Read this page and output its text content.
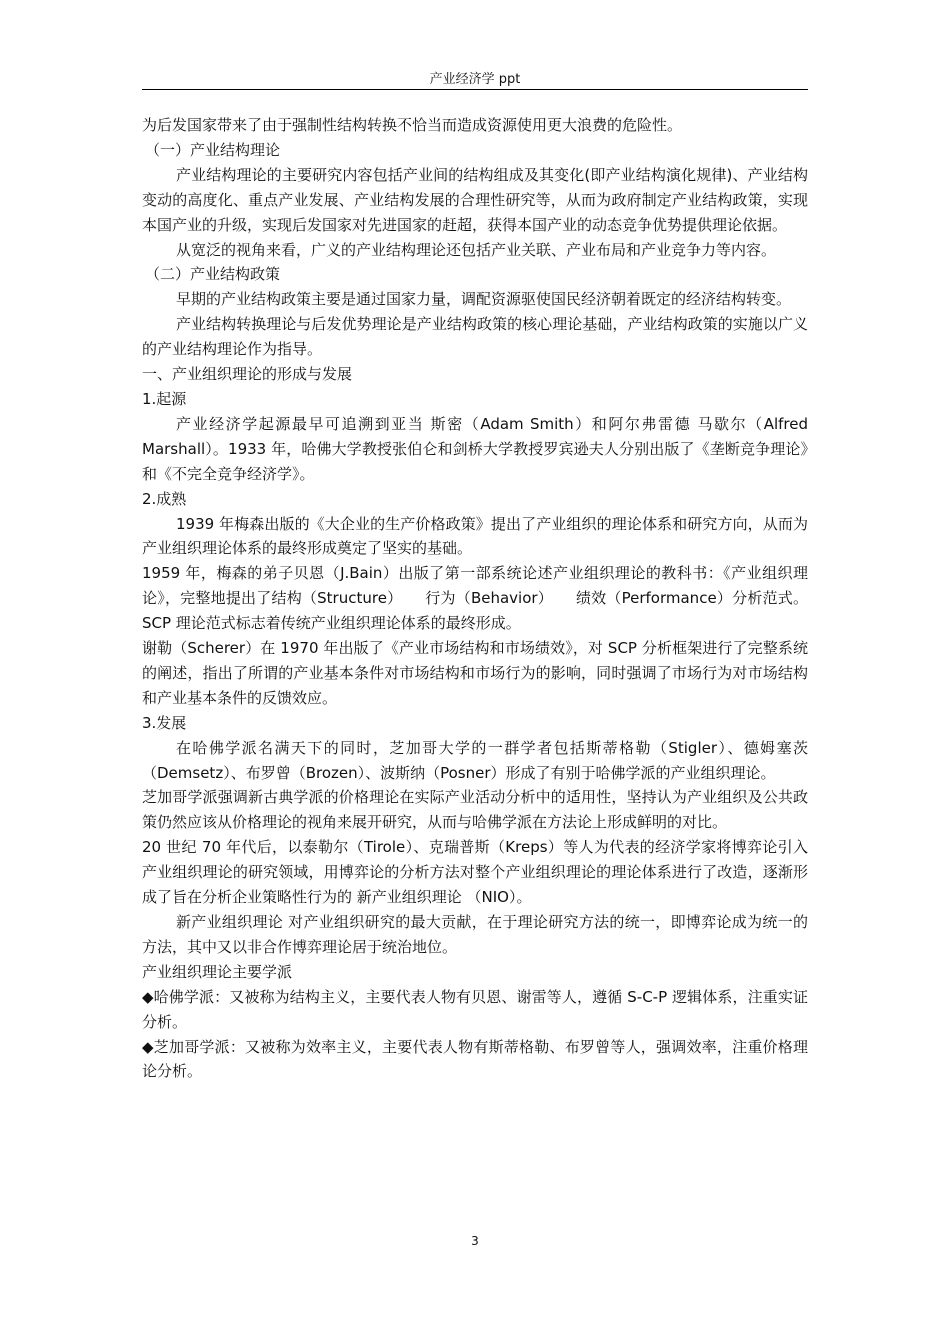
产业经济学 ppt

为后发国家带来了由于强制性结构转换不恰当而造成资源使用更大浪费的危险性。

（一）产业结构理论

产业结构理论的主要研究内容包括产业间的结构组成及其变化(即产业结构演化规律)、产业结构变动的高度化、重点产业发展、产业结构发展的合理性研究等，从而为政府制定产业结构政策，实现本国产业的升级，实现后发国家对先进国家的赶超，获得本国产业的动态竞争优势提供理论依据。

从宽泛的视角来看，广义的产业结构理论还包括产业关联、产业布局和产业竞争力等内容。

（二）产业结构政策

早期的产业结构政策主要是通过国家力量，调配资源驱使国民经济朝着既定的经济结构转变。

产业结构转换理论与后发优势理论是产业结构政策的核心理论基础，产业结构政策的实施以广义的产业结构理论作为指导。

一、产业组织理论的形成与发展

1.起源

产业经济学起源最早可追溯到亚当 斯密（Adam Smith）和阿尔弗雷德 马歇尔（Alfred Marshall）。1933 年，哈佛大学教授张伯仑和剑桥大学教授罗宾逊夫人分别出版了《垄断竞争理论》和《不完全竞争经济学》。

2.成熟

1939 年梅森出版的《大企业的生产价格政策》提出了产业组织的理论体系和研究方向，从而为产业组织理论体系的最终形成奠定了坚实的基础。

1959 年，梅森的弟子贝恩（J.Bain）出版了第一部系统论述产业组织理论的教科书：《产业组织理论》，完整地提出了结构（Structure）　　行为（Behavior）　　绩效（Performance）分析范式。SCP 理论范式标志着传统产业组织理论体系的最终形成。

谢勒（Scherer）在 1970 年出版了《产业市场结构和市场绩效》，对 SCP 分析框架进行了完整系统的阐述，指出了所谓的产业基本条件对市场结构和市场行为的影响，同时强调了市场行为对市场结构和产业基本条件的反馈效应。

3.发展

在哈佛学派名满天下的同时，芝加哥大学的一群学者包括斯蒂格勒（Stigler）、德姆塞茨（Demsetz）、布罗曾（Brozen）、波斯纳（Posner）形成了有别于哈佛学派的产业组织理论。

芝加哥学派强调新古典学派的价格理论在实际产业活动分析中的适用性，坚持认为产业组织及公共政策仍然应该从价格理论的视角来展开研究，从而与哈佛学派在方法论上形成鲜明的对比。

20 世纪 70 年代后，以泰勒尔（Tirole）、克瑞普斯（Kreps）等人为代表的经济学家将博弈论引入产业组织理论的研究领域，用博弈论的分析方法对整个产业组织理论的理论体系进行了改造，逐渐形成了旨在分析企业策略性行为的 新产业组织理论 （NIO）。

新产业组织理论 对产业组织研究的最大贡献，在于理论研究方法的统一，即博弈论成为统一的方法，其中又以非合作博弈理论居于统治地位。

产业组织理论主要学派

◆哈佛学派：又被称为结构主义，主要代表人物有贝恩、谢雷等人，遵循 S-C-P 逻辑体系，注重实证分析。

◆芝加哥学派：又被称为效率主义，主要代表人物有斯蒂格勒、布罗曾等人，强调效率，注重价格理论分析。

3
